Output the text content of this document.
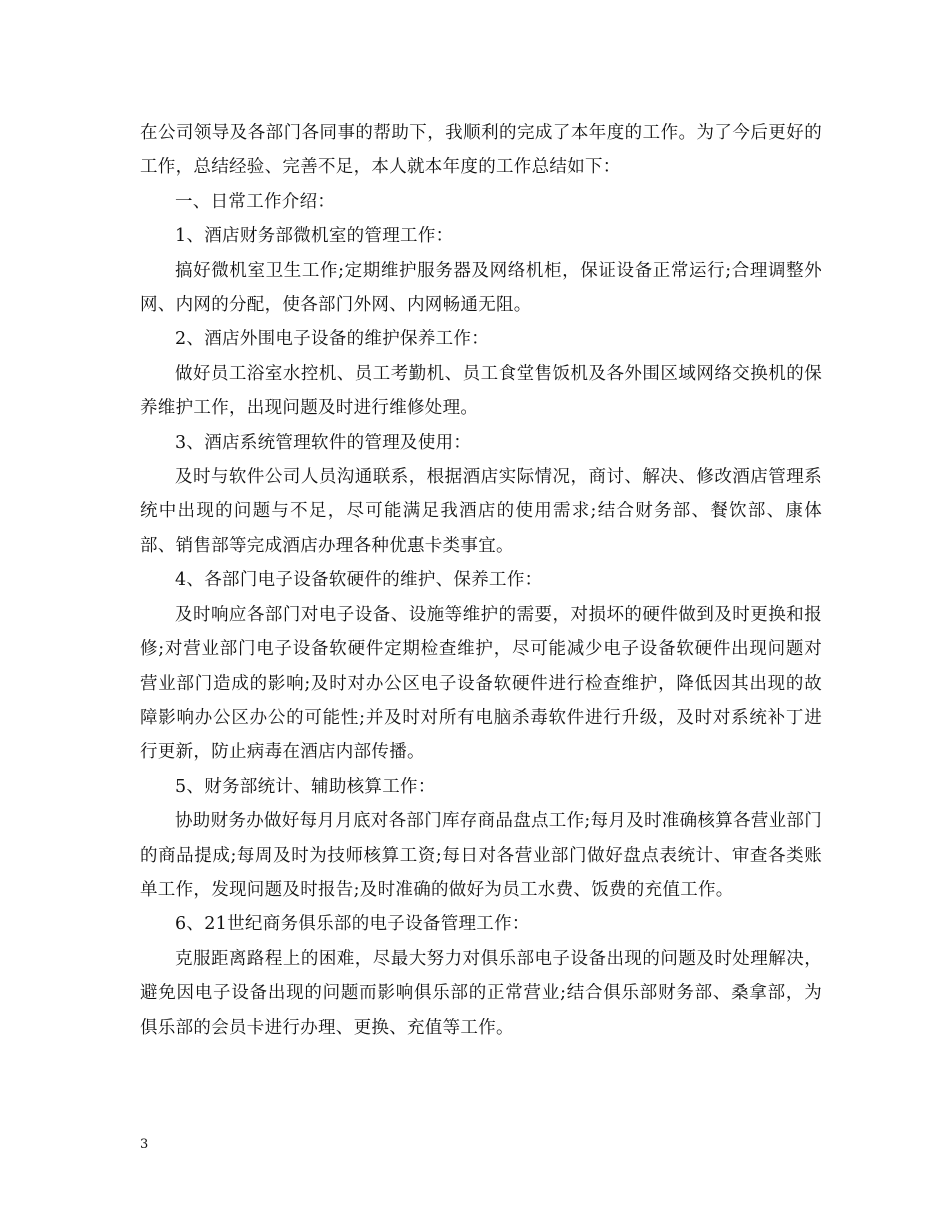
在公司领导及各部门各同事的帮助下，我顺利的完成了本年度的工作。为了今后更好的工作，总结经验、完善不足，本人就本年度的工作总结如下：

一、日常工作介绍：

1、酒店财务部微机室的管理工作：

搞好微机室卫生工作;定期维护服务器及网络机柜，保证设备正常运行;合理调整外网、内网的分配，使各部门外网、内网畅通无阻。

2、酒店外围电子设备的维护保养工作：

做好员工浴室水控机、员工考勤机、员工食堂售饭机及各外围区域网络交换机的保养维护工作，出现问题及时进行维修处理。

3、酒店系统管理软件的管理及使用：

及时与软件公司人员沟通联系，根据酒店实际情况，商讨、解决、修改酒店管理系统中出现的问题与不足，尽可能满足我酒店的使用需求;结合财务部、餐饮部、康体部、销售部等完成酒店办理各种优惠卡类事宜。

4、各部门电子设备软硬件的维护、保养工作：

及时响应各部门对电子设备、设施等维护的需要，对损坏的硬件做到及时更换和报修;对营业部门电子设备软硬件定期检查维护，尽可能减少电子设备软硬件出现问题对营业部门造成的影响;及时对办公区电子设备软硬件进行检查维护，降低因其出现的故障影响办公区办公的可能性;并及时对所有电脑杀毒软件进行升级，及时对系统补丁进行更新，防止病毒在酒店内部传播。

5、财务部统计、辅助核算工作：

协助财务办做好每月月底对各部门库存商品盘点工作;每月及时准确核算各营业部门的商品提成;每周及时为技师核算工资;每日对各营业部门做好盘点表统计、审查各类账单工作，发现问题及时报告;及时准确的做好为员工水费、饭费的充值工作。

6、21世纪商务俱乐部的电子设备管理工作：

克服距离路程上的困难，尽最大努力对俱乐部电子设备出现的问题及时处理解决，避免因电子设备出现的问题而影响俱乐部的正常营业;结合俱乐部财务部、桑拿部，为俱乐部的会员卡进行办理、更换、充值等工作。

3
